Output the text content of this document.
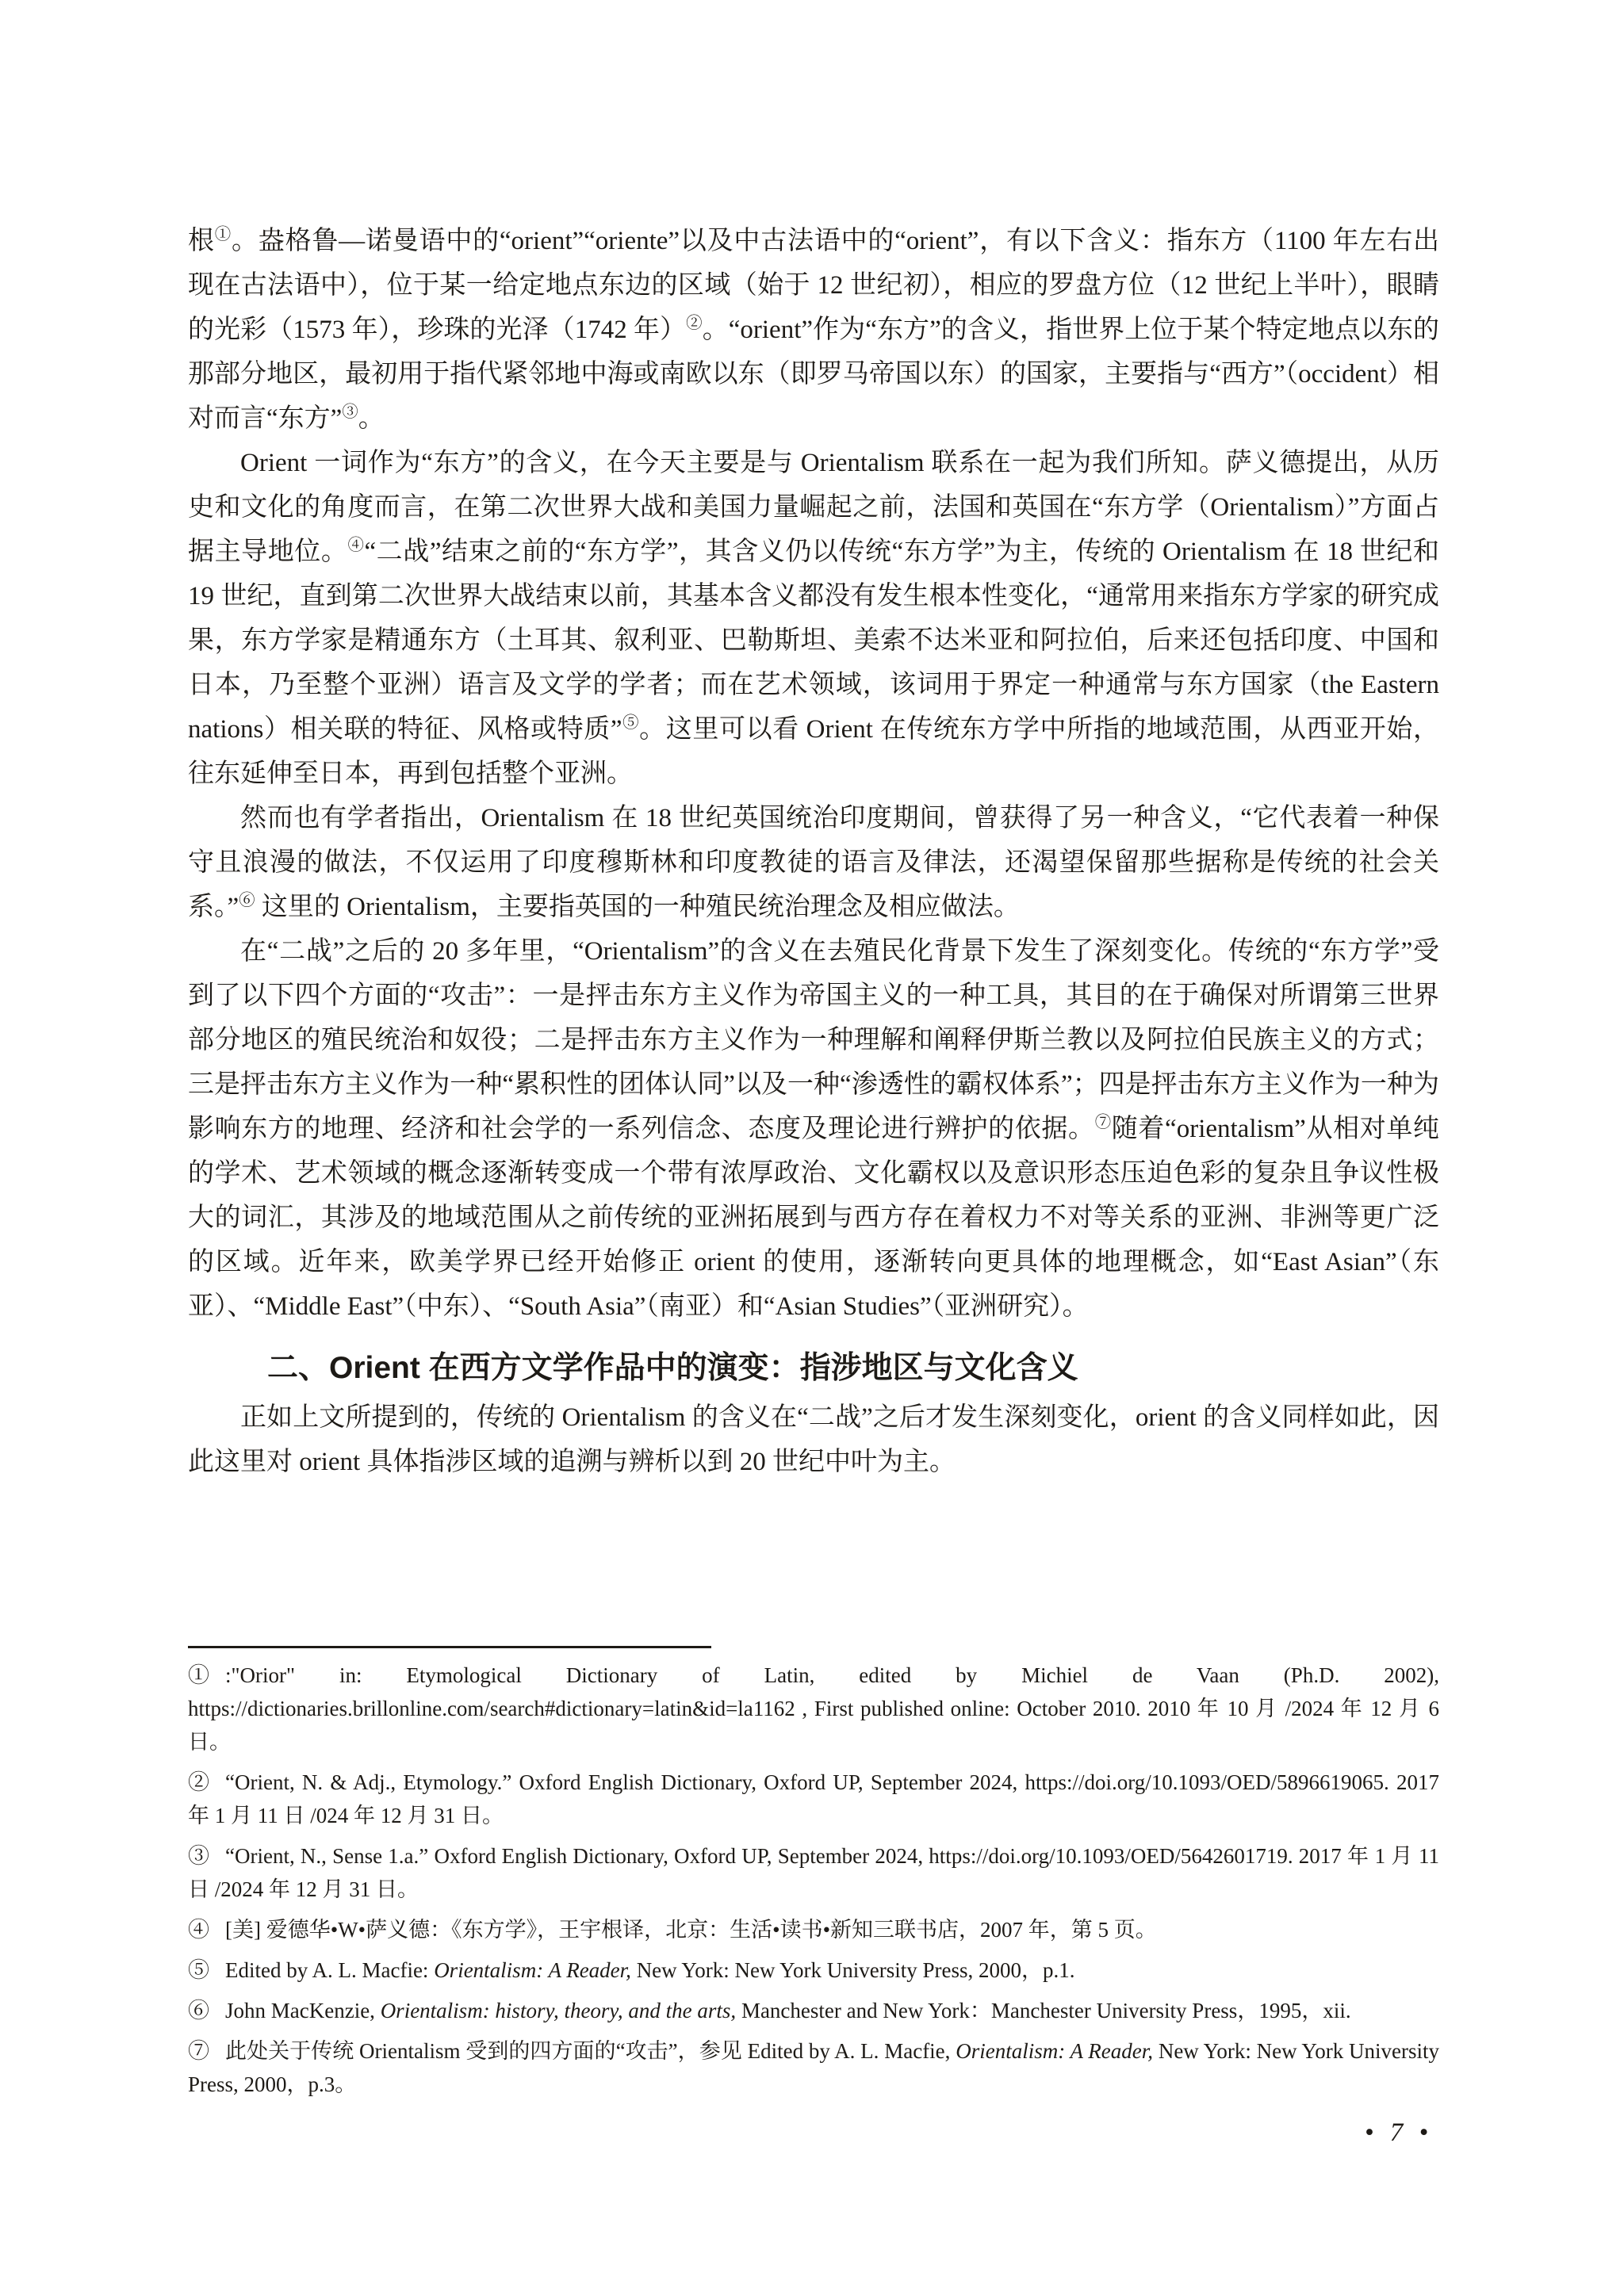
根①。盎格鲁—诺曼语中的“orient”“oriente”以及中古法语中的“orient”，有以下含义：指东方（1100 年左右出现在古法语中），位于某一给定地点东边的区域（始于 12 世纪初），相应的罗盘方位（12 世纪上半叶），眼睛的光彩（1573 年），珍珠的光泽（1742 年）②。“orient”作为“东方”的含义，指世界上位于某个特定地点以东的那部分地区，最初用于指代紧邻地中海或南欧以东（即罗马帝国以东）的国家，主要指与“西方”（occident）相对而言“东方”③。

Orient 一词作为“东方”的含义，在今天主要是与 Orientalism 联系在一起为我们所知。萨义德提出，从历史和文化的角度而言，在第二次世界大战和美国力量崛起之前，法国和英国在“东方学（Orientalism）”方面占据主导地位。④“二战”结束之前的“东方学”，其含义仍以传统“东方学”为主，传统的 Orientalism 在 18 世纪和 19 世纪，直到第二次世界大战结束以前，其基本含义都没有发生根本性变化，“通常用来指东方学家的研究成果，东方学家是精通东方（土耳其、叙利亚、巴勒斯坦、美索不达米亚和阿拉伯，后来还包括印度、中国和日本，乃至整个亚洲）语言及文学的学者；而在艺术领域，该词用于界定一种通常与东方国家（the Eastern nations）相关联的特征、风格或特质”⑤。这里可以看 Orient 在传统东方学中所指的地域范围，从西亚开始，往东延伸至日本，再到包括整个亚洲。

然而也有学者指出，Orientalism 在 18 世纪英国统治印度期间，曾获得了另一种含义，“它代表着一种保守且浪漫的做法，不仅运用了印度穆斯林和印度教徒的语言及律法，还渴望保留那些据称是传统的社会关系。”⑥ 这里的 Orientalism，主要指英国的一种殖民统治理念及相应做法。

在“二战”之后的 20 多年里，“Orientalism”的含义在去殖民化背景下发生了深刻变化。传统的“东方学”受到了以下四个方面的“攻击”：一是抨击东方主义作为帝国主义的一种工具，其目的在于确保对所谓第三世界部分地区的殖民统治和奴役；二是抨击东方主义作为一种理解和阐释伊斯兰教以及阿拉伯民族主义的方式；三是抨击东方主义作为一种“累积性的团体认同”以及一种“渗透性的霸权体系”；四是抨击东方主义作为一种为影响东方的地理、经济和社会学的一系列信念、态度及理论进行辨护的依据。⑦随着“orientalism”从相对单纯的学术、艺术领域的概念逐渐转变成一个带有浓厚政治、文化霸权以及意识形态压迫色彩的复杂且争议性极大的词汇，其涉及的地域范围从之前传统的亚洲拓展到与西方存在着权力不对等关系的亚洲、非洲等更广泛的区域。近年来，欧美学界已经开始修正 orient 的使用，逐渐转向更具体的地理概念，如“East Asian”（东亚）、“Middle East”（中东）、“South Asia”（南亚）和“Asian Studies”（亚洲研究）。

二、Orient 在西方文学作品中的演变：指涉地区与文化含义

正如上文所提到的，传统的 Orientalism 的含义在“二战”之后才发生深刻变化，orient 的含义同样如此，因此这里对 orient 具体指涉区域的追溯与辨析以到 20 世纪中叶为主。

① :"Orior" in: Etymological Dictionary of Latin, edited by Michiel de Vaan (Ph.D. 2002), https://dictionaries.brillonline.com/search#dictionary=latin&id=la1162 , First published online: October 2010. 2010 年 10 月 /2024 年 12 月 6 日。

② “Orient, N. & Adj., Etymology.” Oxford English Dictionary, Oxford UP, September 2024, https://doi.org/10.1093/OED/5896619065. 2017 年 1 月 11 日 /024 年 12 月 31 日。

③ “Orient, N., Sense 1.a.” Oxford English Dictionary, Oxford UP, September 2024, https://doi.org/10.1093/OED/5642601719. 2017 年 1 月 11 日 /2024 年 12 月 31 日。

④ [美] 爱德华•W•萨义德：《东方学》，王宇根译，北京：生活•读书•新知三联书店，2007 年，第 5 页。

⑤ Edited by A. L. Macfie: Orientalism: A Reader, New York: New York University Press, 2000，p.1.

⑥ John MacKenzie, Orientalism: history, theory, and the arts, Manchester and New York：Manchester University Press，1995，xii.

⑦ 此处关于传统 Orientalism 受到的四方面的“攻击”，参见 Edited by A. L. Macfie, Orientalism: A Reader, New York: New York University Press, 2000，p.3。

• 7 •
